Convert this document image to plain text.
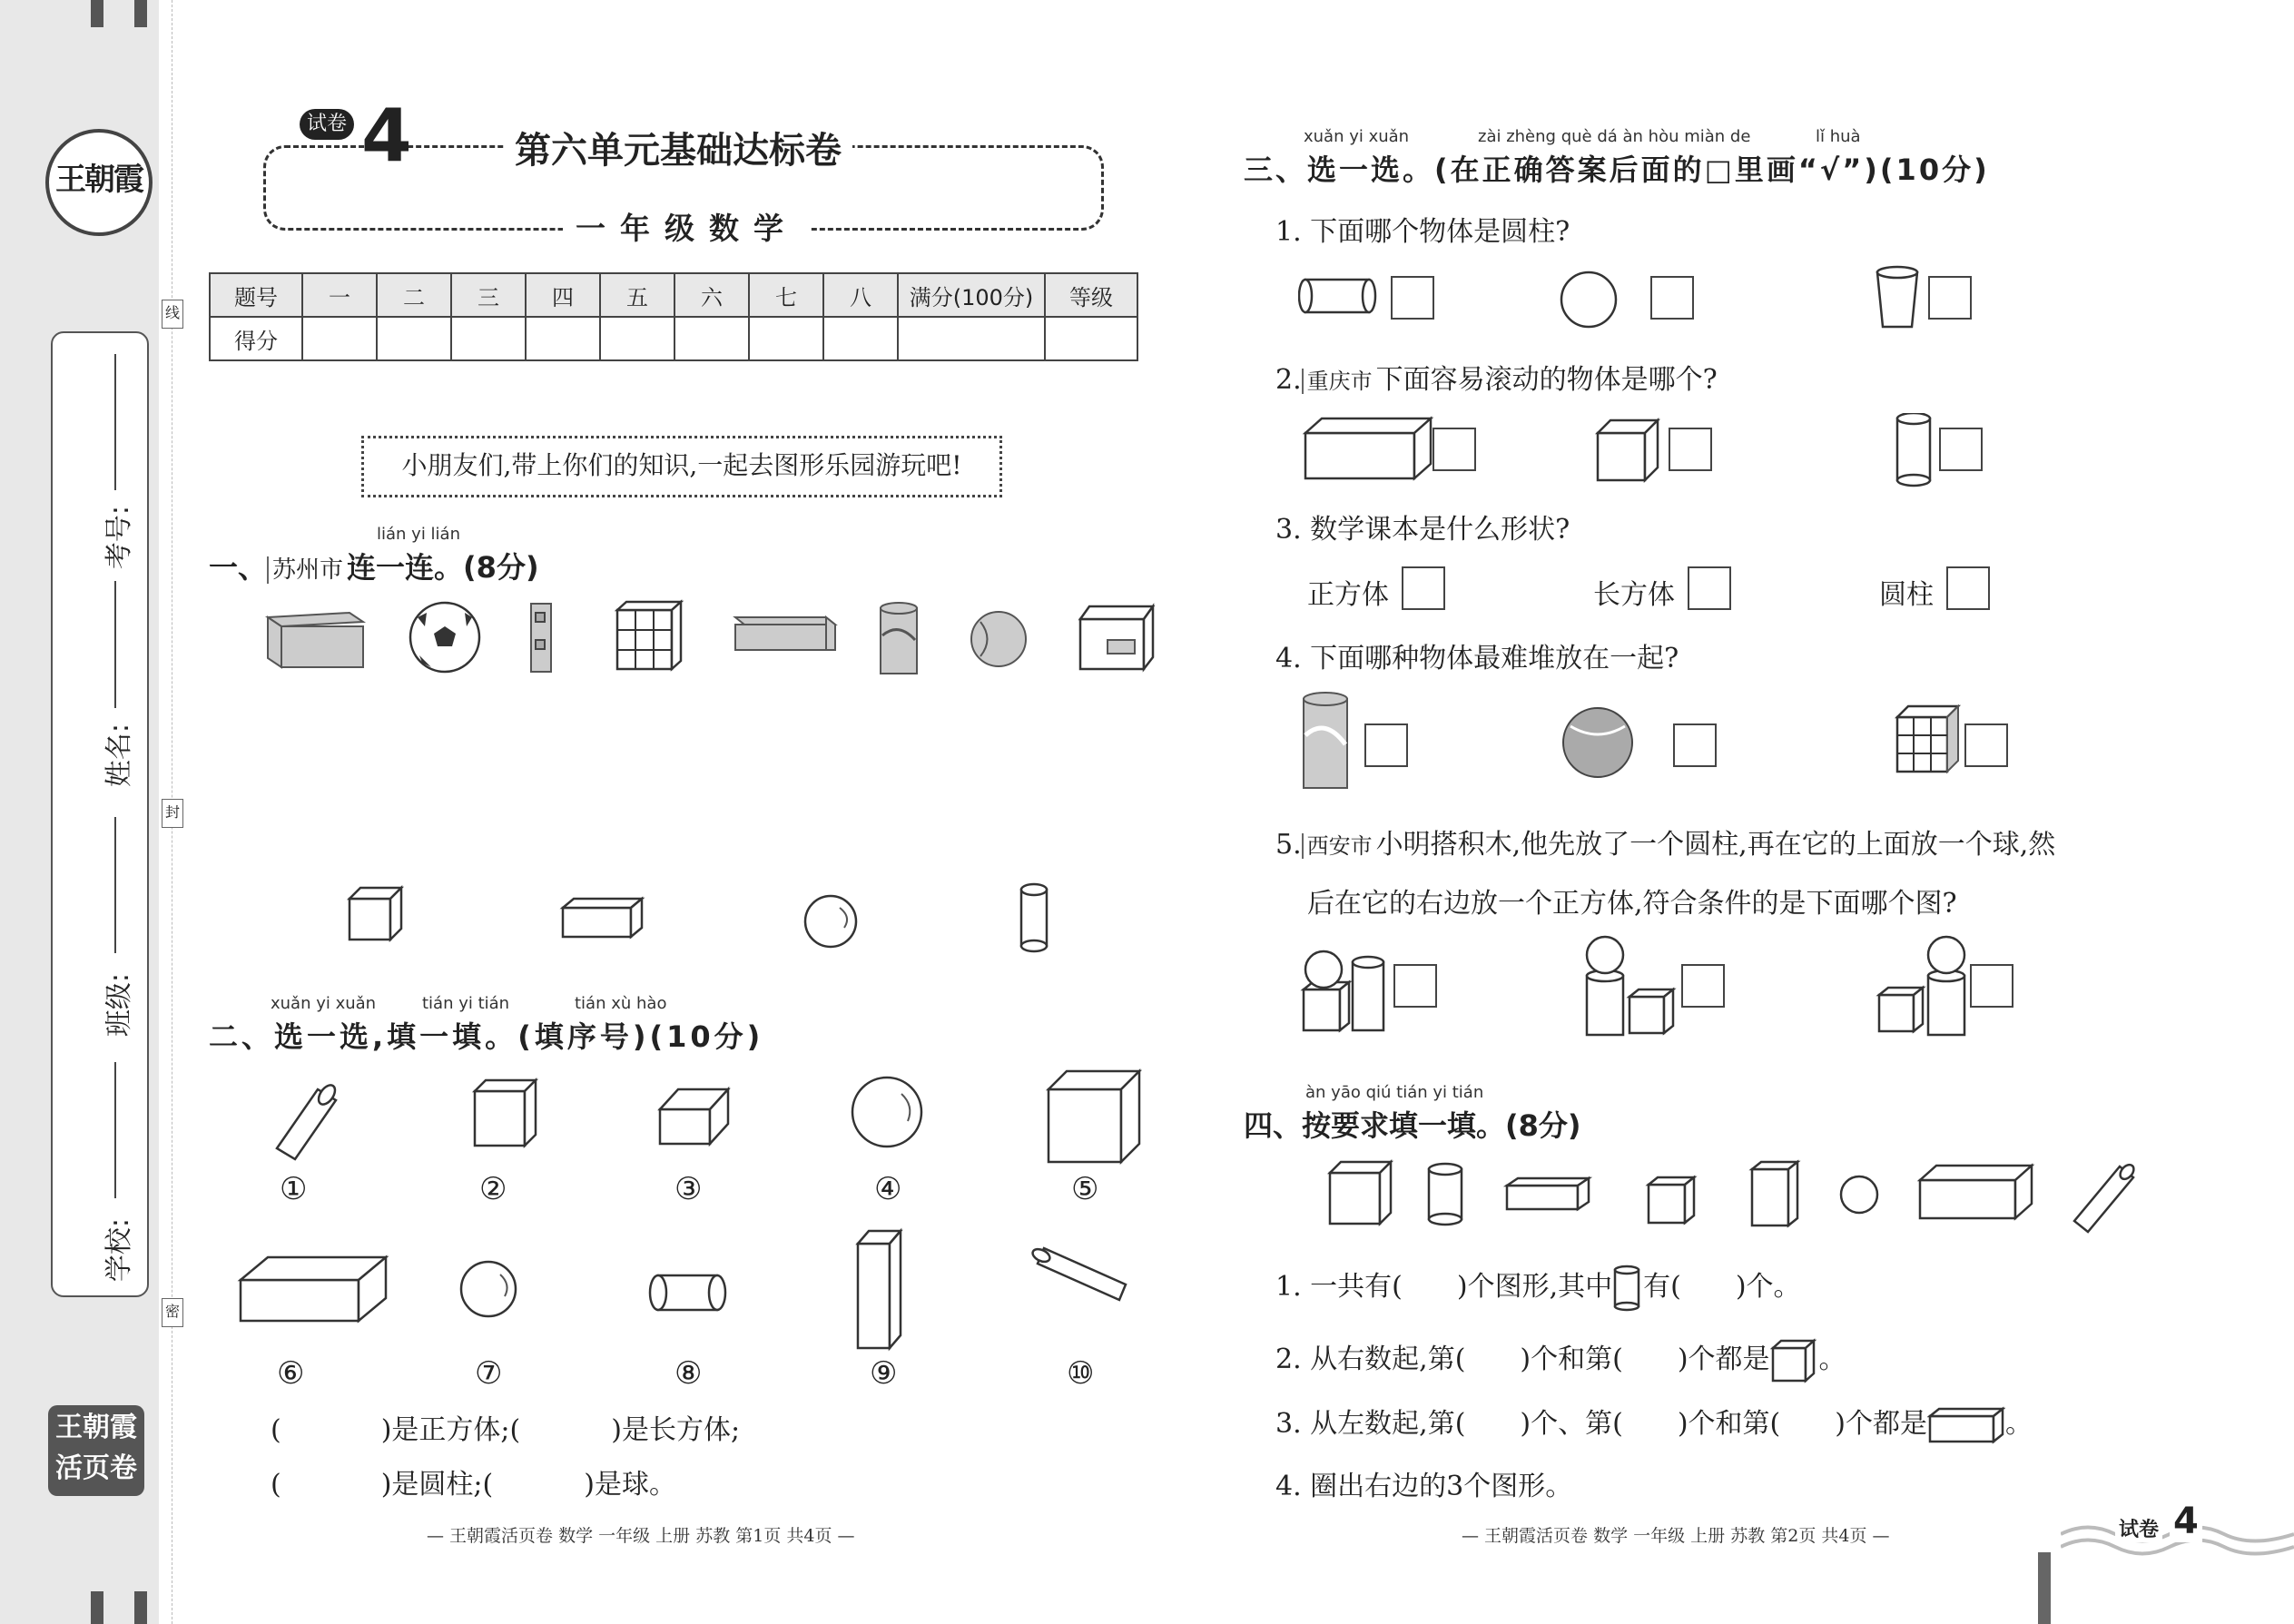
王朝霞
考号:
姓名:
班级:
学校:
线
封
密
王朝霞
活页卷
试卷 4	第六单元基础达标卷
一年级数学
题号	一	二	三	四	五	六	七	八	满分(100分)	等级
得分										
小朋友们,带上你们的知识,一起去图形乐园游玩吧!
lián yi lián
一、 苏州市 连一连。(8分)
xuǎn yi xuǎn	tián yi tián	tián xù hào
二、选一选,填一填。(填序号)(10分)
①	②	③	④	⑤
⑥	⑦	⑧	⑨	⑩
(	)是正方体;(	)是长方体;
(	)是圆柱;(	)是球。
— 王朝霞活页卷 数学 一年级 上册 苏教 第1页 共4页 —
xuǎn yi xuǎn	zài zhèng què dá àn hòu miàn de	lǐ huà
三、选一选。(在正确答案后面的□里画“√”)(10分)
1. 下面哪个物体是圆柱?
2. 重庆市 下面容易滚动的物体是哪个?
3. 数学课本是什么形状?
正方体	长方体	圆柱
4. 下面哪种物体最难堆放在一起?
5. 西安市 小明搭积木,他先放了一个圆柱,再在它的上面放一个球,然
后在它的右边放一个正方体,符合条件的是下面哪个图?
àn yāo qiú tián yi tián
四、按要求填一填。(8分)
1. 一共有( )个图形,其中 有( )个。
2. 从右数起,第( )个和第( )个都是 。
3. 从左数起,第( )个、第( )个和第( )个都是	。
4. 圈出右边的3个图形。
— 王朝霞活页卷 数学 一年级 上册 苏教 第2页 共4页 —	试卷 4
